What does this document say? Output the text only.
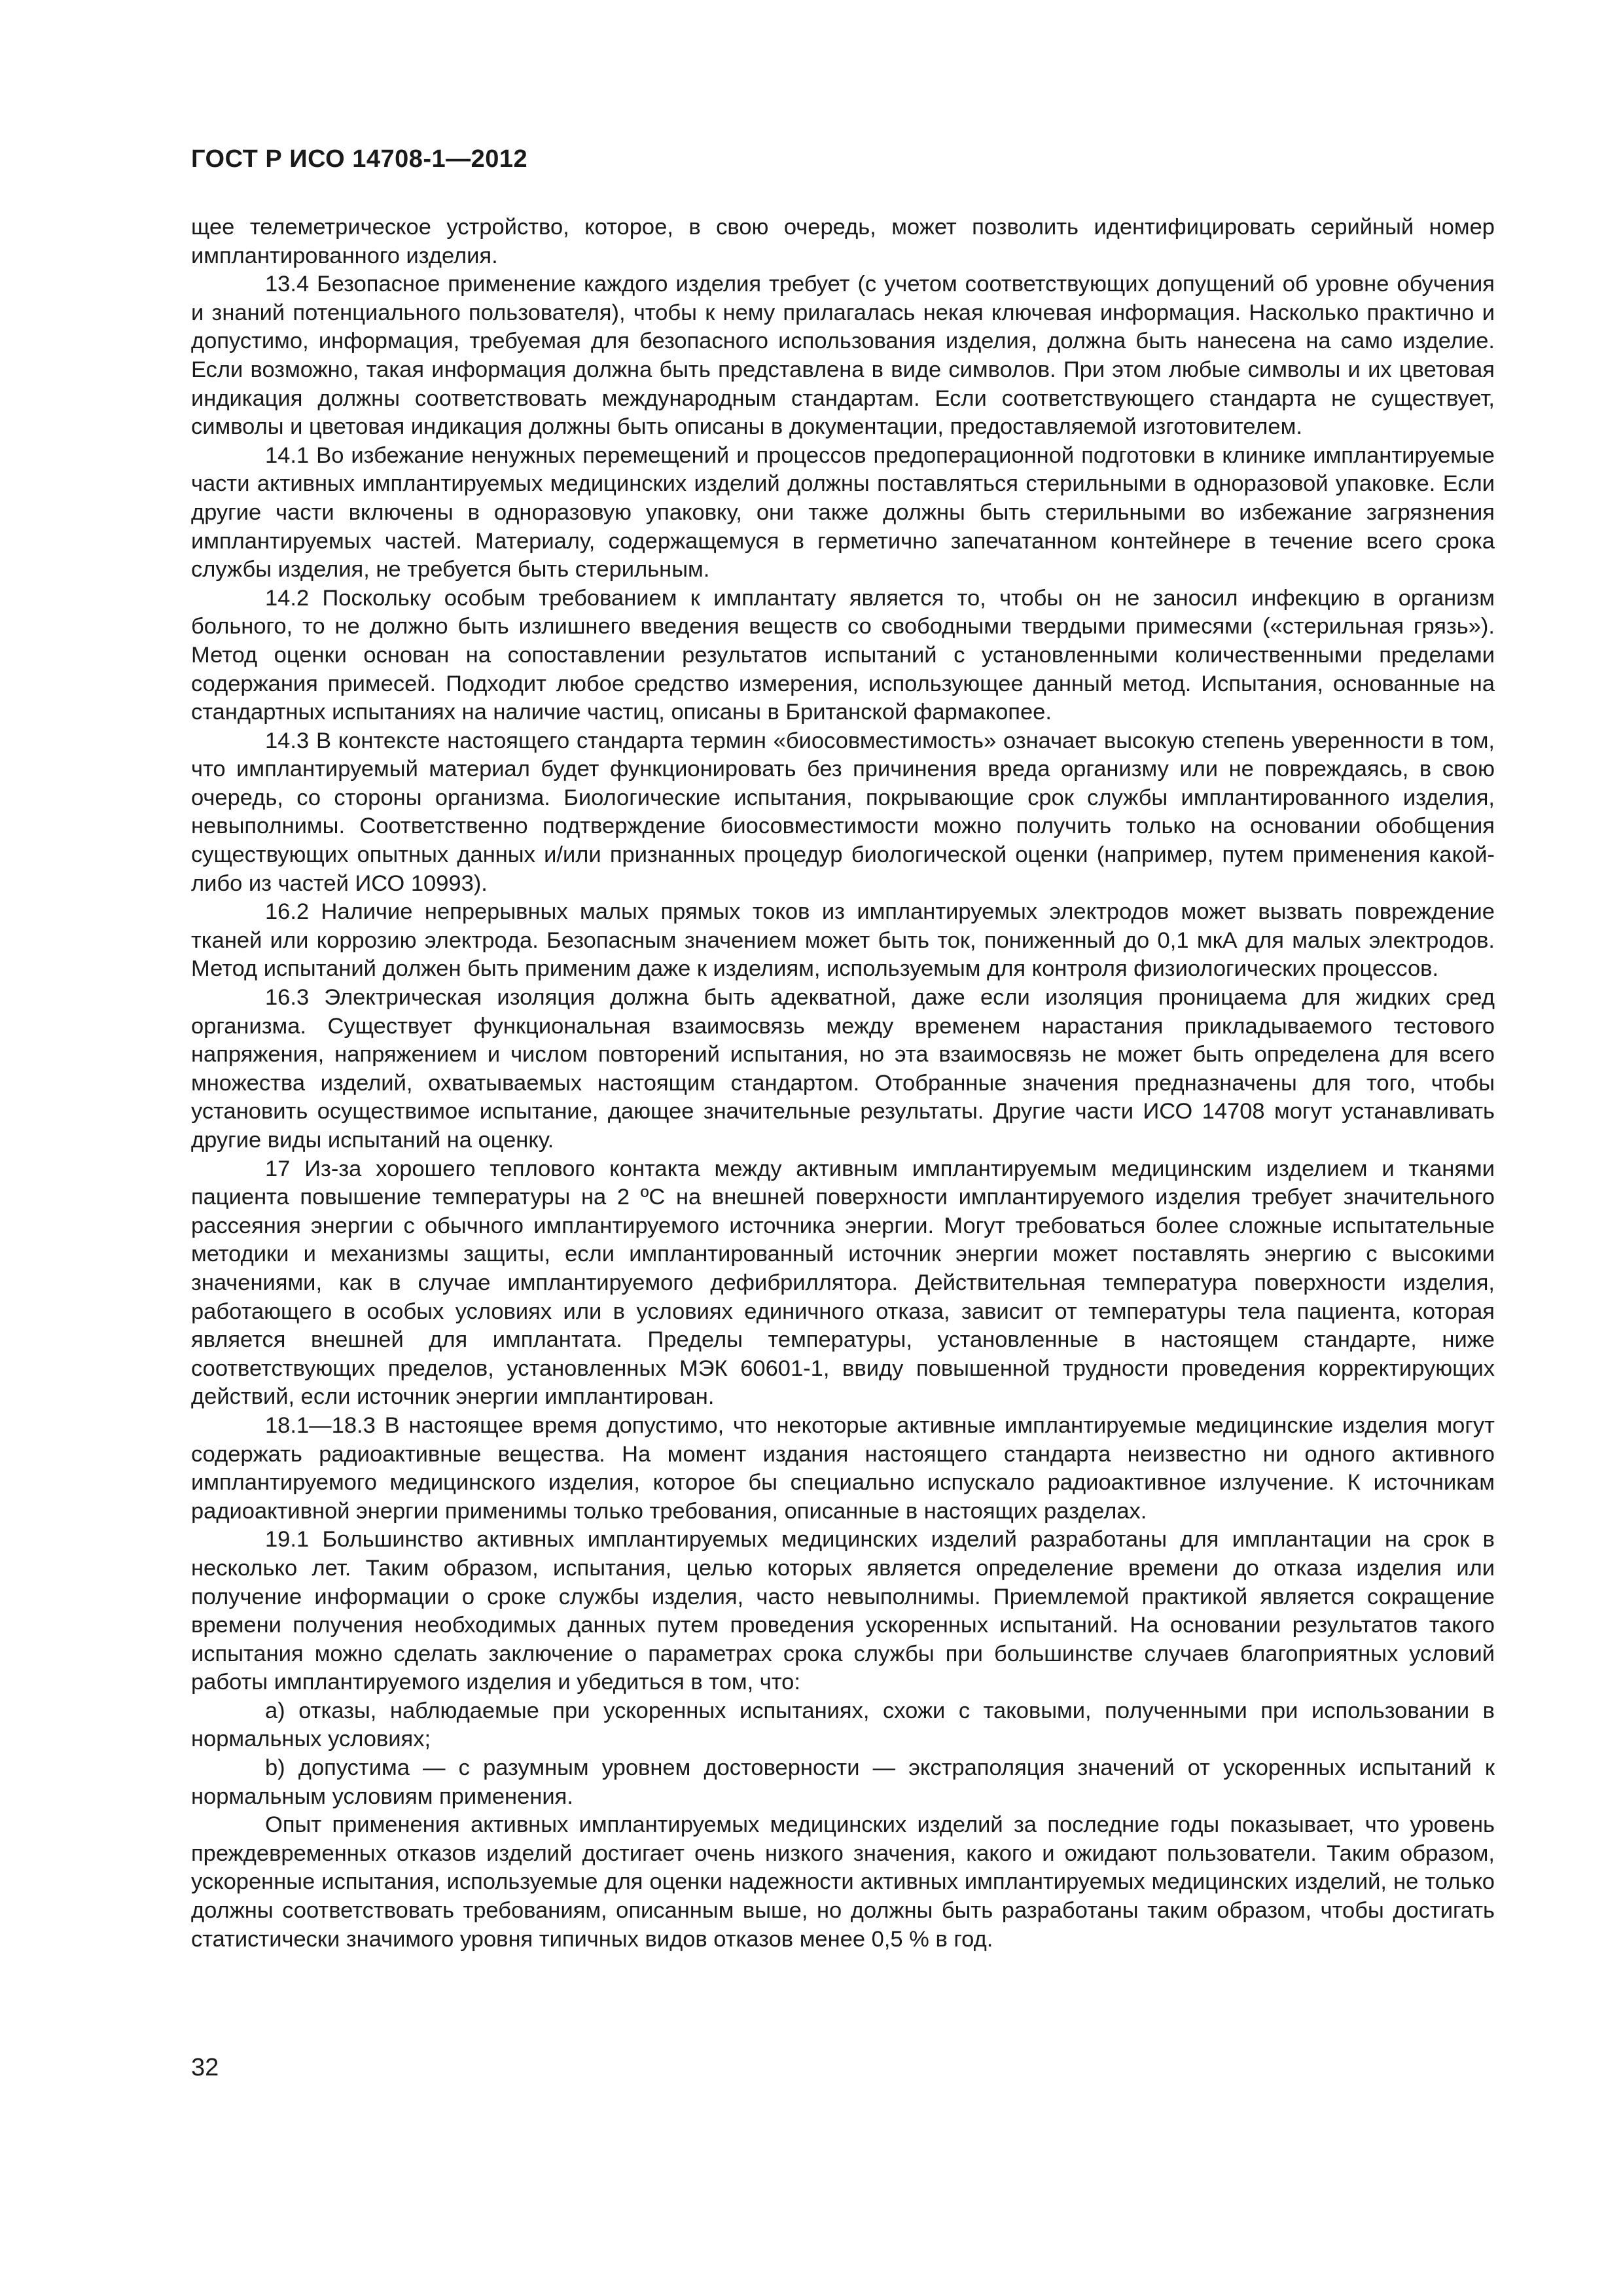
ГОСТ Р ИСО 14708-1—2012

щее телеметрическое устройство, которое, в свою очередь, может позволить идентифицировать серийный номер имплантированного изделия.

13.4 Безопасное применение каждого изделия требует (с учетом соответствующих допущений об уровне обучения и знаний потенциального пользователя), чтобы к нему прилагалась некая ключевая информация. Насколько практично и допустимо, информация, требуемая для безопасного использования изделия, должна быть нанесена на само изделие. Если возможно, такая информация должна быть представлена в виде символов. При этом любые символы и их цветовая индикация должны соответствовать международным стандартам. Если соответствующего стандарта не существует, символы и цветовая индикация должны быть описаны в документации, предоставляемой изготовителем.

14.1 Во избежание ненужных перемещений и процессов предоперационной подготовки в клинике имплантируемые части активных имплантируемых медицинских изделий должны поставляться стерильными в одноразовой упаковке. Если другие части включены в одноразовую упаковку, они также должны быть стерильными во избежание загрязнения имплантируемых частей. Материалу, содержащемуся в герметично запечатанном контейнере в течение всего срока службы изделия, не требуется быть стерильным.

14.2 Поскольку особым требованием к имплантату является то, чтобы он не заносил инфекцию в организм больного, то не должно быть излишнего введения веществ со свободными твердыми примесями («стерильная грязь»). Метод оценки основан на сопоставлении результатов испытаний с установленными количественными пределами содержания примесей. Подходит любое средство измерения, использующее данный метод. Испытания, основанные на стандартных испытаниях на наличие частиц, описаны в Британской фармакопее.

14.3 В контексте настоящего стандарта термин «биосовместимость» означает высокую степень уверенности в том, что имплантируемый материал будет функционировать без причинения вреда организму или не повреждаясь, в свою очередь, со стороны организма. Биологические испытания, покрывающие срок службы имплантированного изделия, невыполнимы. Соответственно подтверждение биосовместимости можно получить только на основании обобщения существующих опытных данных и/или признанных процедур биологической оценки (например, путем применения какой-либо из частей ИСО 10993).

16.2 Наличие непрерывных малых прямых токов из имплантируемых электродов может вызвать повреждение тканей или коррозию электрода. Безопасным значением может быть ток, пониженный до 0,1 мкА для малых электродов. Метод испытаний должен быть применим даже к изделиям, используемым для контроля физиологических процессов.

16.3 Электрическая изоляция должна быть адекватной, даже если изоляция проницаема для жидких сред организма. Существует функциональная взаимосвязь между временем нарастания прикладываемого тестового напряжения, напряжением и числом повторений испытания, но эта взаимосвязь не может быть определена для всего множества изделий, охватываемых настоящим стандартом. Отобранные значения предназначены для того, чтобы установить осуществимое испытание, дающее значительные результаты. Другие части ИСО 14708 могут устанавливать другие виды испытаний на оценку.

17 Из-за хорошего теплового контакта между активным имплантируемым медицинским изделием и тканями пациента повышение температуры на 2 ºС на внешней поверхности имплантируемого изделия требует значительного рассеяния энергии с обычного имплантируемого источника энергии. Могут требоваться более сложные испытательные методики и механизмы защиты, если имплантированный источник энергии может поставлять энергию с высокими значениями, как в случае имплантируемого дефибриллятора. Действительная температура поверхности изделия, работающего в особых условиях или в условиях единичного отказа, зависит от температуры тела пациента, которая является внешней для имплантата. Пределы температуры, установленные в настоящем стандарте, ниже соответствующих пределов, установленных МЭК 60601-1, ввиду повышенной трудности проведения корректирующих действий, если источник энергии имплантирован.

18.1—18.3 В настоящее время допустимо, что некоторые активные имплантируемые медицинские изделия могут содержать радиоактивные вещества. На момент издания настоящего стандарта неизвестно ни одного активного имплантируемого медицинского изделия, которое бы специально испускало радиоактивное излучение. К источникам радиоактивной энергии применимы только требования, описанные в настоящих разделах.

19.1 Большинство активных имплантируемых медицинских изделий разработаны для имплантации на срок в несколько лет. Таким образом, испытания, целью которых является определение времени до отказа изделия или получение информации о сроке службы изделия, часто невыполнимы. Приемлемой практикой является сокращение времени получения необходимых данных путем проведения ускоренных испытаний. На основании результатов такого испытания можно сделать заключение о параметрах срока службы при большинстве случаев благоприятных условий работы имплантируемого изделия и убедиться в том, что:

a) отказы, наблюдаемые при ускоренных испытаниях, схожи с таковыми, полученными при использовании в нормальных условиях;

b) допустима — с разумным уровнем достоверности — экстраполяция значений от ускоренных испытаний к нормальным условиям применения.

Опыт применения активных имплантируемых медицинских изделий за последние годы показывает, что уровень преждевременных отказов изделий достигает очень низкого значения, какого и ожидают пользователи. Таким образом, ускоренные испытания, используемые для оценки надежности активных имплантируемых медицинских изделий, не только должны соответствовать требованиям, описанным выше, но должны быть разработаны таким образом, чтобы достигать статистически значимого уровня типичных видов отказов менее 0,5 % в год.

32
